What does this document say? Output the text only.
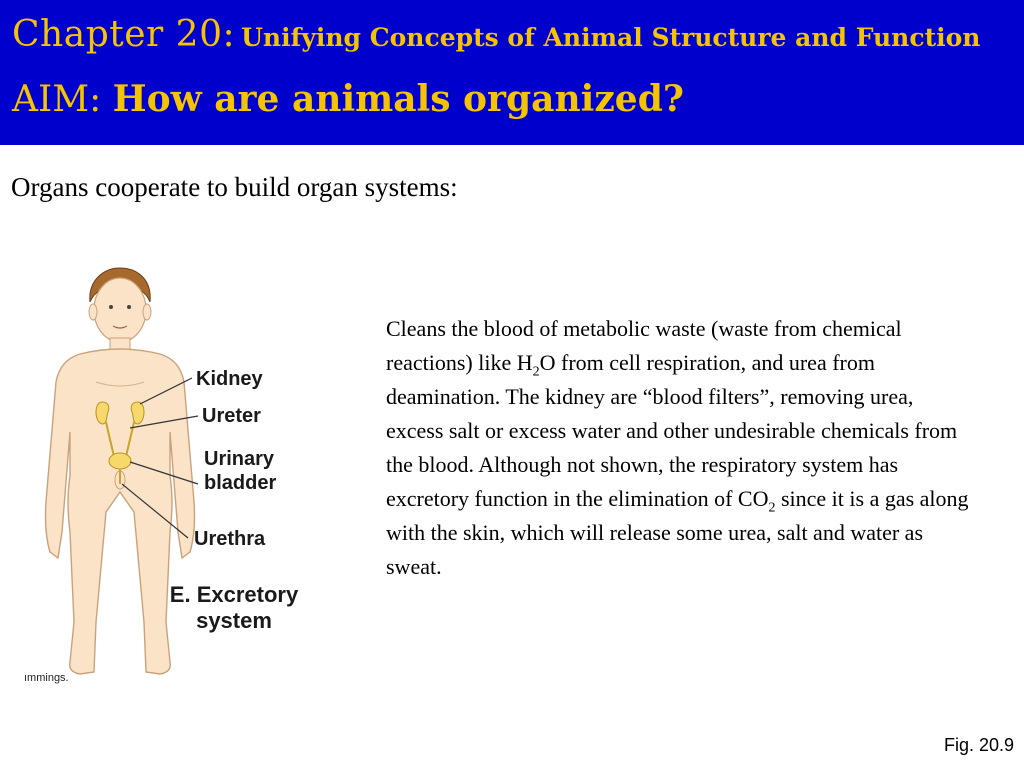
Chapter 20: Unifying Concepts of Animal Structure and Function
AIM: How are animals organized?
Organs cooperate to build organ systems:
Kidney
Ureter
Urinary
bladder
Urethra
E. Excretory
system
ımmings.
Cleans the blood of metabolic waste (waste from chemical reactions) like $H_2O$ from cell respiration, and urea from deamination. The kidney are “blood filters”, removing urea, excess salt or excess water and other undesirable chemicals from the blood. Although not shown, the respiratory system has excretory function in the elimination of $CO_2$ since it is a gas along with the skin, which will release some urea, salt and water as sweat.
Fig. 20.9
